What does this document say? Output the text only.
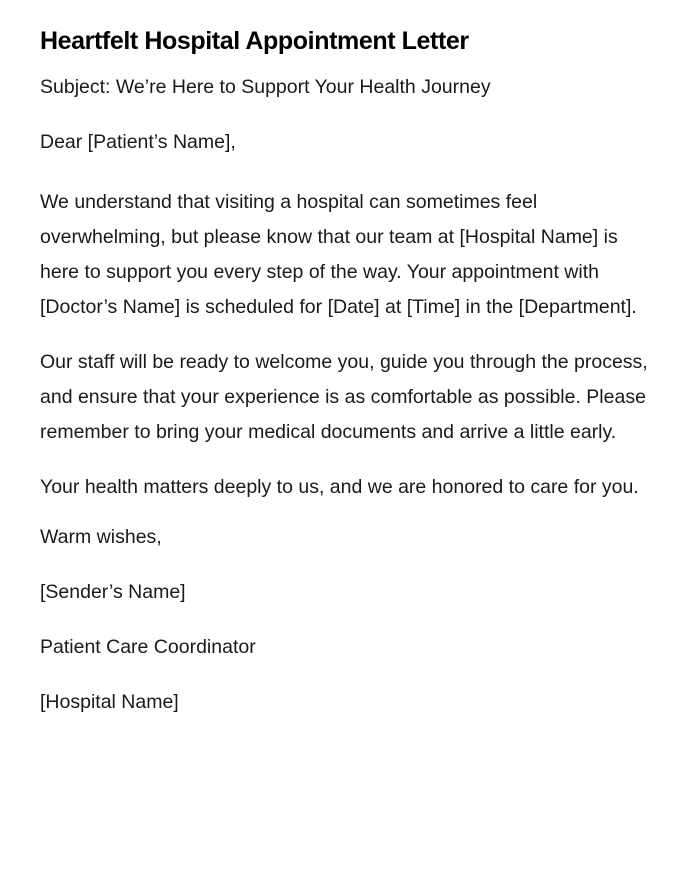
Heartfelt Hospital Appointment Letter

Subject: We’re Here to Support Your Health Journey

Dear [Patient’s Name],

We understand that visiting a hospital can sometimes feel overwhelming, but please know that our team at [Hospital Name] is here to support you every step of the way. Your appointment with [Doctor’s Name] is scheduled for [Date] at [Time] in the [Department].

Our staff will be ready to welcome you, guide you through the process, and ensure that your experience is as comfortable as possible. Please remember to bring your medical documents and arrive a little early.

Your health matters deeply to us, and we are honored to care for you.

Warm wishes,

[Sender’s Name]

Patient Care Coordinator

[Hospital Name]
